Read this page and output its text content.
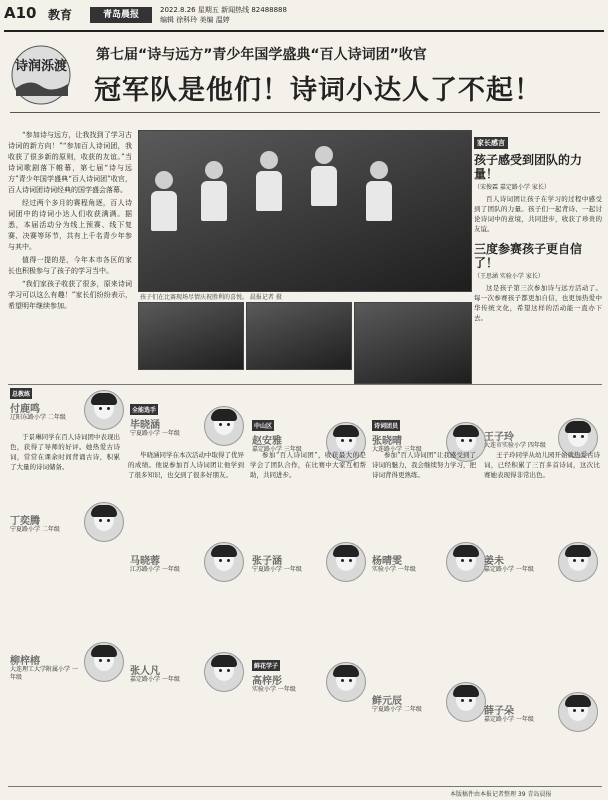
A10 教育	青岛晨报	2022.8.26 星期五 新闻热线 82488888
编辑 徐科玲 美编 温婷
诗润泺渡
第七届“诗与远方”青少年国学盛典“百人诗词团”收官
冠军队是他们！诗词小达人了不起！

“参加诗与远方，让我找到了学习古诗词的新方向！”“参加百人诗词团，我收获了很多新的原则，收获的友谊。”当诗词歌剧落下帷幕，第七届“诗与远方”青少年国学盛典“百人诗词团”收官，百人诗词团诗词经典的国学盛会落幕。

经过两个多月的赛程角逐，百人诗词团中的诗词小达人们收获满满。据悉，本届活动分为线上预赛、线下复赛、决赛等环节，共有上千名青少年参与其中。

值得一提的是，今年本市各区的家长也积极参与了孩子的学习当中。

“我们家孩子收获了很多，原来诗词学习可以这么有趣！”家长们纷纷表示，希望明年继续参加。

孩子们在比赛现场尽情庆祝胜利的喜悦。 晨报记者 摄
家长感言
孩子感受到团队的力量！
（宋俊霖 嘉定路小学 家长）

百人诗词团让孩子在学习的过程中感受到了团队的力量。孩子们一起背诗、一起讨论诗词中的意境，共同进步，收获了珍贵的友谊。

三度参赛孩子更自信了！
（王思涵 实验小学 家长）

这是孩子第三次参加诗与远方活动了。每一次参赛孩子都更加自信，也更加热爱中华传统文化，希望这样的活动能一直办下去。

总教练
付鹿鸣
辽阳东路小学 二年级
全能选手
毕晓涵
宁夏路小学 一年级
中山区
赵安雅
嘉定路小学 三年级
诗词团员
张晓晴
大连路小学 三年级
王子玲
大连市实验小学 四年级
丁奕腾
宁夏路小学 二年级
马晓蓉
江苏路小学 一年级
张子涵
宁夏路小学 一年级
杨晴雯
实验小学 一年级
姜未
嘉定路小学 一年级
柳梓榕
大连理工大学附属小学 一年级
张人凡
嘉定路小学 一年级
鲜花学子
高梓彤
实验小学 一年级
鲜元辰
宁夏路小学 二年级	薛子朵
嘉定路小学 一年级
于景琳同学在百人诗词团中表现出色，获得了导师的好评。她热爱古诗词，常常在课余时间背诵古诗，积累了大量的诗词储备。
毕晓涵同学在本次活动中取得了优异的成绩。他说参加百人诗词团让他学到了很多知识，也交到了很多好朋友。
参加“百人诗词团”，收获最大的是学会了团队合作，在比赛中大家互相帮助，共同进步。
参加“百人诗词团”让我感受到了诗词的魅力，我会继续努力学习，把诗词背得更熟练。
王子玲同学从幼儿园开始就热爱古诗词，已经积累了三百多首诗词，这次比赛她表现得非常出色。
本版稿件由本报记者整理 39 青岛晨报
